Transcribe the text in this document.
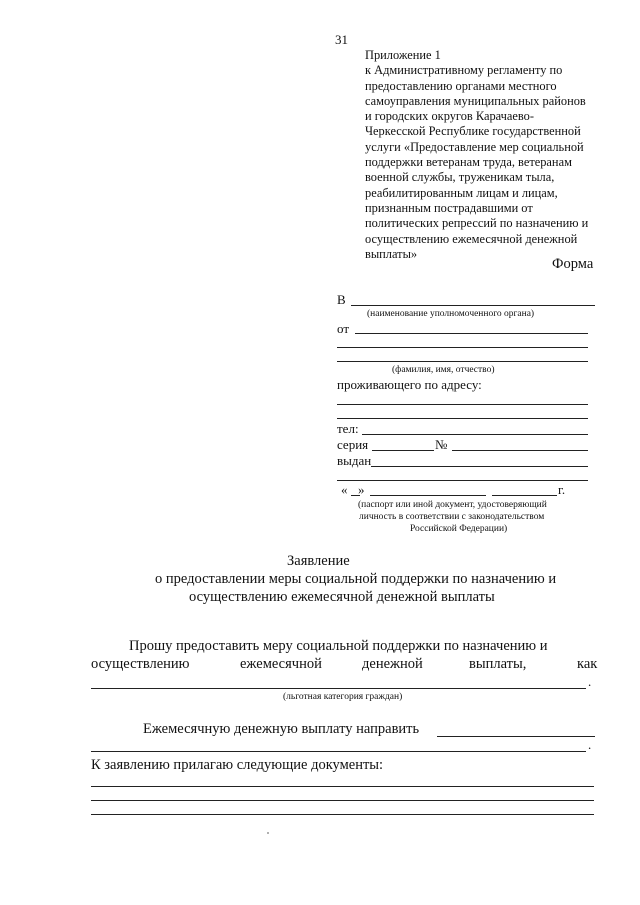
31
Приложение 1
к Административному регламенту по
предоставлению органами местного
самоуправления муниципальных районов
и городских округов Карачаево-
Черкесской Республике государственной
услуги «Предоставление мер социальной
поддержки ветеранам труда, ветеранам
военной службы, труженикам тыла,
реабилитированным лицам и лицам,
признанным пострадавшими от
политических репрессий по назначению и
осуществлению ежемесячной денежной
выплаты»
Форма
В
(наименование уполномоченного органа)
от
(фамилия, имя, отчество)
проживающего по адресу:
тел:
серия	№
выдан
« »	г.
(паспорт или иной документ, удостоверяющий
личность в соответствии с законодательством
Российской Федерации)
Заявление
о предоставлении меры социальной поддержки по назначению и
осуществлению ежемесячной денежной выплаты
Прошу предоставить меру социальной поддержки по назначению и
осуществлению	ежемесячной	денежной	выплаты,	как
.
(льготная категория граждан)
Ежемесячную денежную выплату направить
.
К заявлению прилагаю следующие документы:
